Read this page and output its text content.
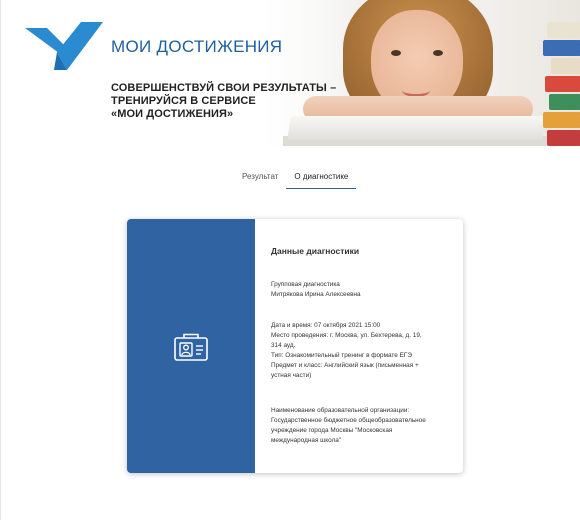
МОИ ДОСТИЖЕНИЯ
СОВЕРШЕНСТВУЙ СВОИ РЕЗУЛЬТАТЫ –
ТРЕНИРУЙСЯ В СЕРВИСЕ
«МОИ ДОСТИЖЕНИЯ»
Результат	О диагностике
Данные диагностики
Групповая диагностика
Митрякова Ирина Алексеевна
Дата и время: 07 октября 2021 15:00
Место проведения: г. Москва, ул. Бехтерева, д. 19,
314 ауд.
Тип: Ознакомительный тренинг в формате ЕГЭ
Предмет и класс: Английский язык (письменная +
устная части)
Наименование образовательной организации:
Государственное бюджетное общеобразовательное
учреждение города Москвы "Московская
международная школа"
